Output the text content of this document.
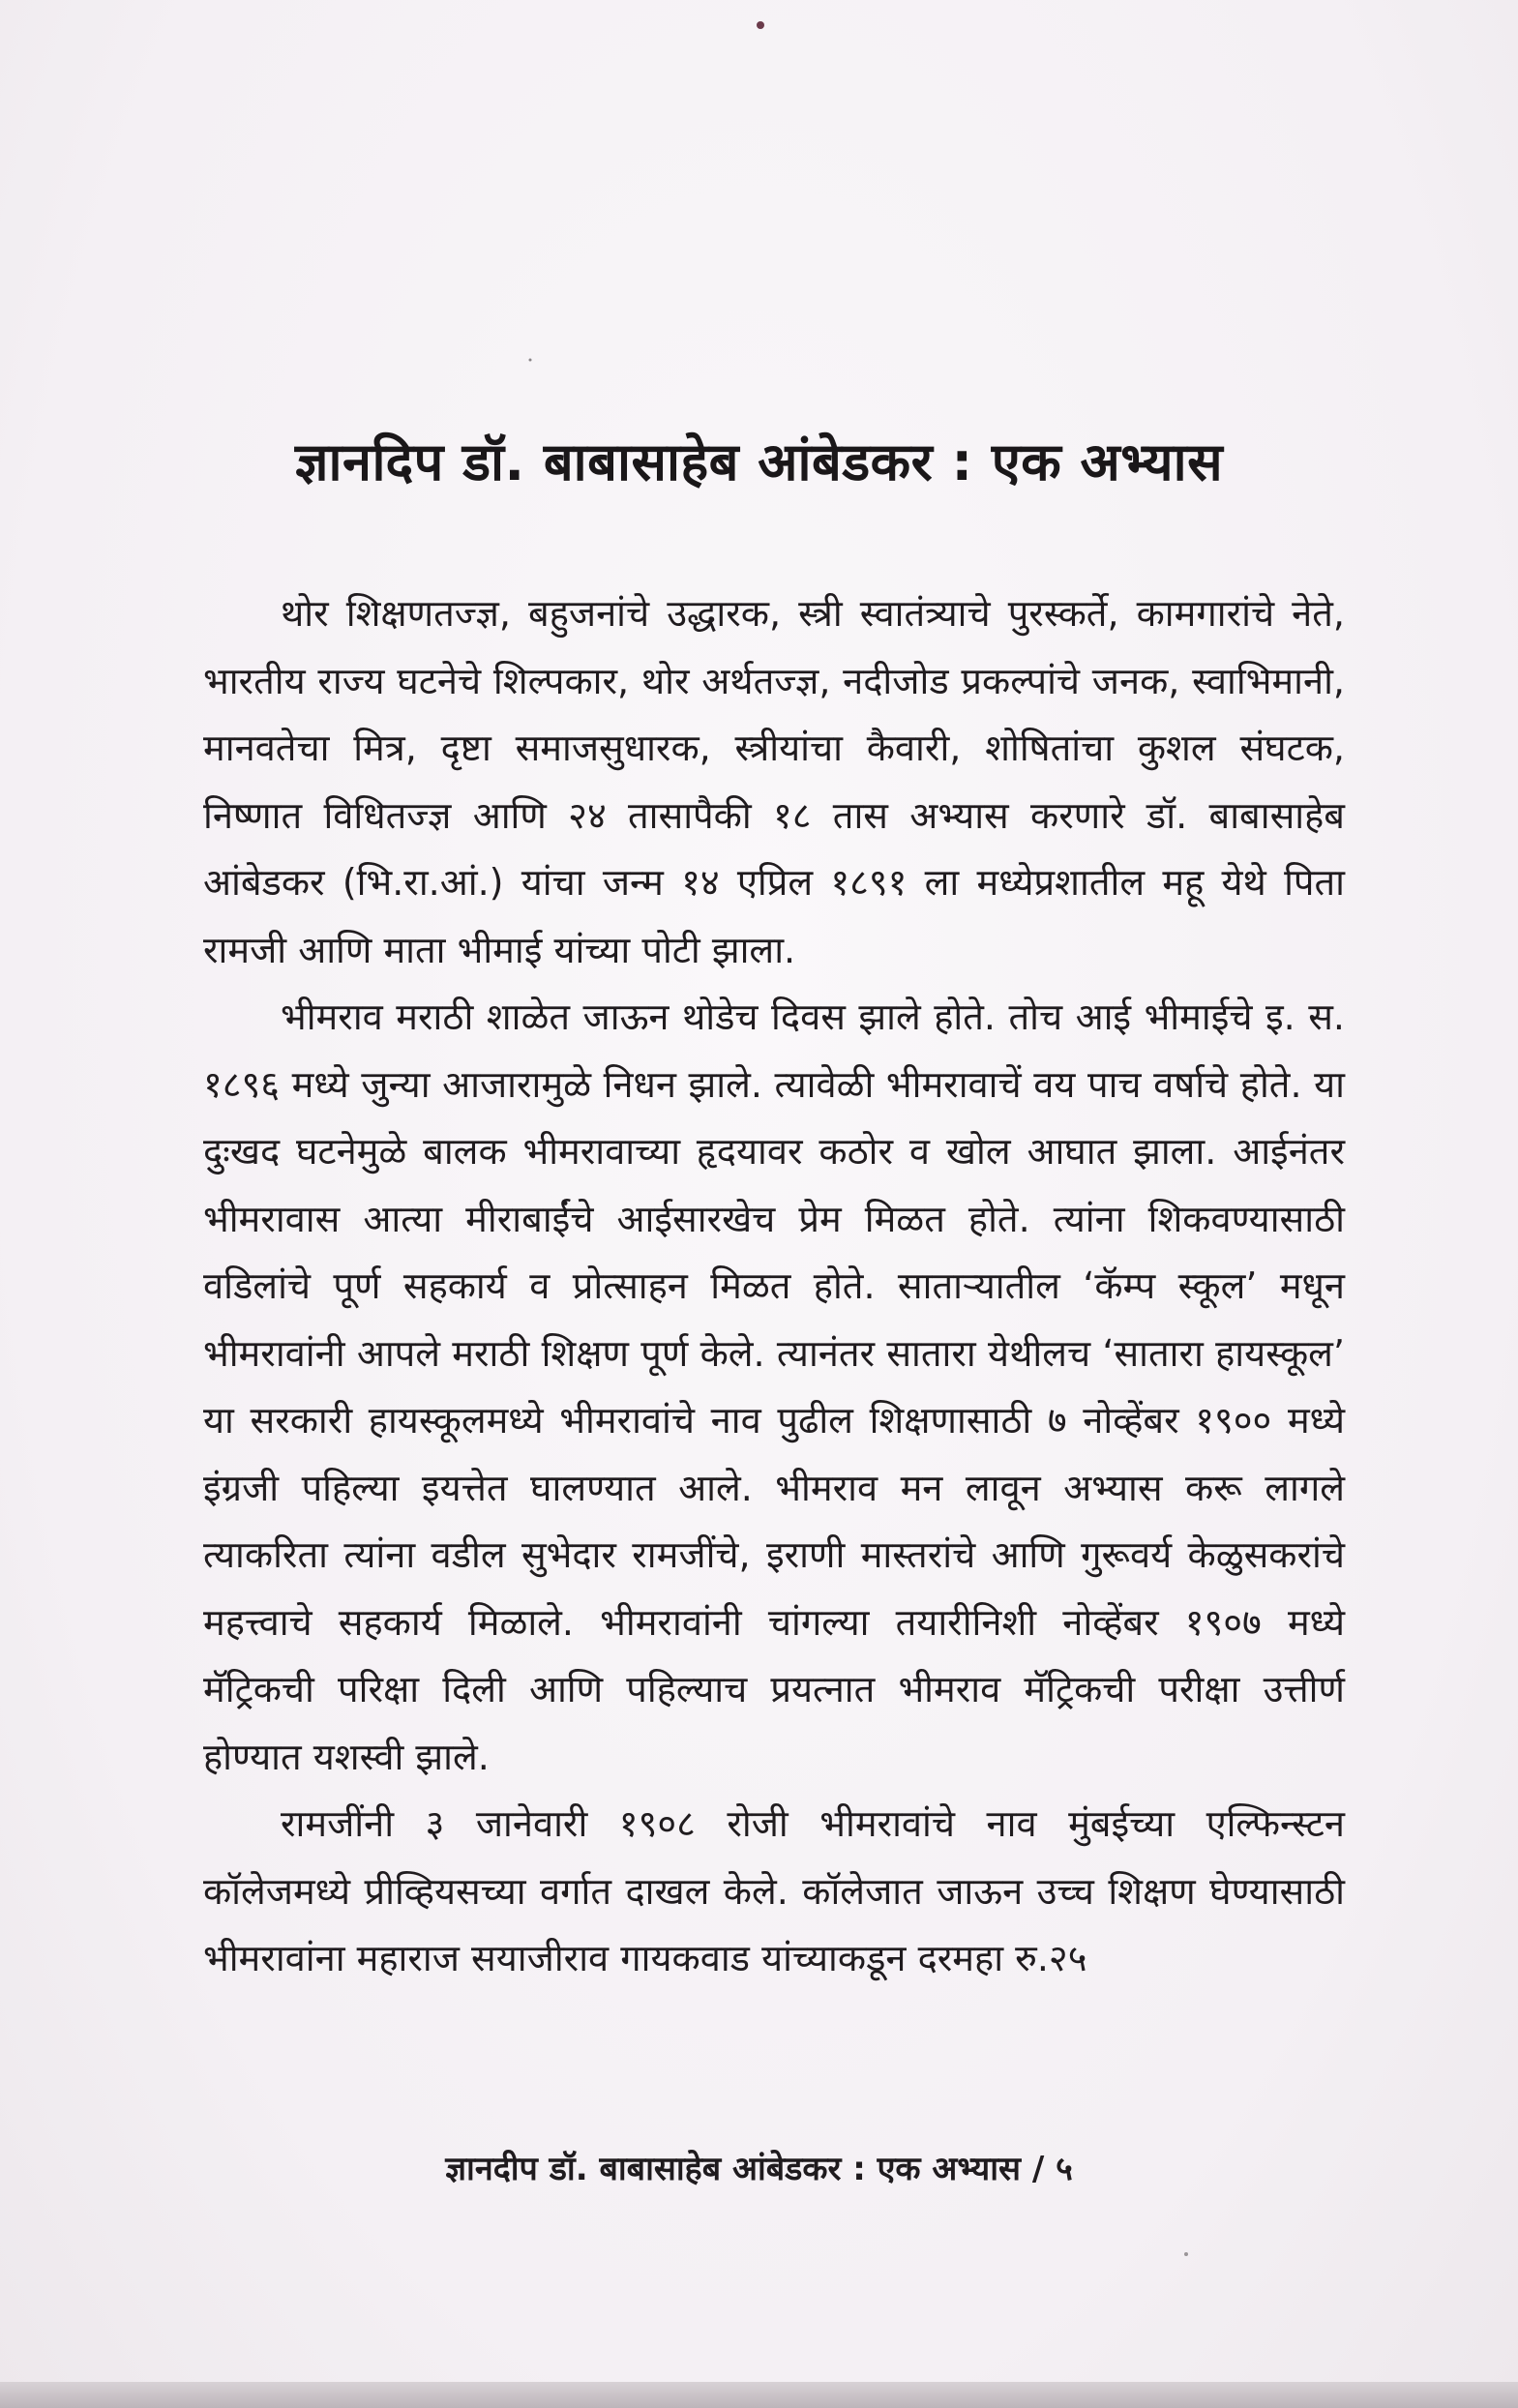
ज्ञानदिप डॉ. बाबासाहेब आंबेडकर : एक अभ्यास

थोर शिक्षणतज्ज्ञ, बहुजनांचे उद्धारक, स्त्री स्वातंत्र्याचे पुरस्कर्ते, कामगारांचे नेते, भारतीय राज्य घटनेचे शिल्पकार, थोर अर्थतज्ज्ञ, नदीजोड प्रकल्पांचे जनक, स्वाभिमानी, मानवतेचा मित्र, दृष्टा समाजसुधारक, स्त्रीयांचा कैवारी, शोषितांचा कुशल संघटक, निष्णात विधितज्ज्ञ आणि २४ तासापैकी १८ तास अभ्यास करणारे डॉ. बाबासाहेब आंबेडकर (भि.रा.आं.) यांचा जन्म १४ एप्रिल १८९१ ला मध्येप्रशातील महू येथे पिता रामजी आणि माता भीमाई यांच्या पोटी झाला.

भीमराव मराठी शाळेत जाऊन थोडेच दिवस झाले होते. तोच आई भीमाईचे इ. स. १८९६ मध्ये जुन्या आजारामुळे निधन झाले. त्यावेळी भीमरावाचें वय पाच वर्षाचे होते. या दुःखद घटनेमुळे बालक भीमरावाच्या हृदयावर कठोर व खोल आघात झाला. आईनंतर भीमरावास आत्या मीराबाईंचे आईसारखेच प्रेम मिळत होते. त्यांना शिकवण्यासाठी वडिलांचे पूर्ण सहकार्य व प्रोत्साहन मिळत होते. साताऱ्यातील ‘कॅम्प स्कूल’ मधून भीमरावांनी आपले मराठी शिक्षण पूर्ण केले. त्यानंतर सातारा येथीलच ‘सातारा हायस्कूल’ या सरकारी हायस्कूलमध्ये भीमरावांचे नाव पुढील शिक्षणासाठी ७ नोव्हेंबर १९०० मध्ये इंग्रजी पहिल्या इयत्तेत घालण्यात आले. भीमराव मन लावून अभ्यास करू लागले त्याकरिता त्यांना वडील सुभेदार रामजींचे, इराणी मास्तरांचे आणि गुरूवर्य केळुसकरांचे महत्त्वाचे सहकार्य मिळाले. भीमरावांनी चांगल्या तयारीनिशी नोव्हेंबर १९०७ मध्ये मॅट्रिकची परिक्षा दिली आणि पहिल्याच प्रयत्नात भीमराव मॅट्रिकची परीक्षा उत्तीर्ण होण्यात यशस्वी झाले.

रामजींनी ३ जानेवारी १९०८ रोजी भीमरावांचे नाव मुंबईच्या एल्फिन्स्टन कॉलेजमध्ये प्रीव्हियसच्या वर्गात दाखल केले. कॉलेजात जाऊन उच्च शिक्षण घेण्यासाठी भीमरावांना महाराज सयाजीराव गायकवाड यांच्याकडून दरमहा रु.२५

ज्ञानदीप डॉ. बाबासाहेब आंबेडकर : एक अभ्यास / ५
